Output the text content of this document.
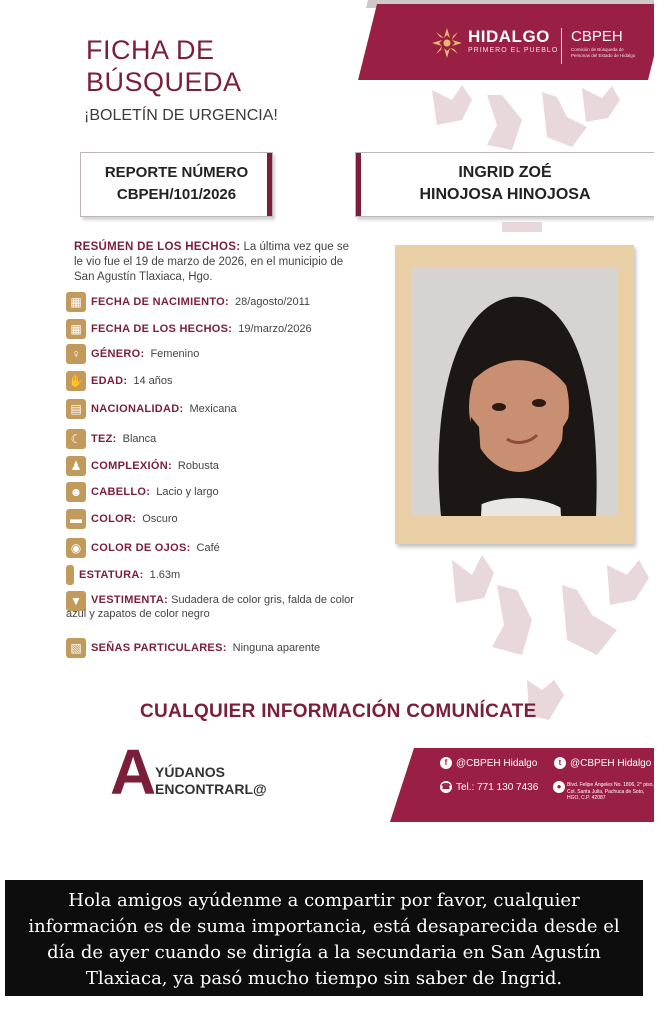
FICHA DE
BÚSQUEDA
¡BOLETÍN DE URGENCIA!
HIDALGO
PRIMERO EL PUEBLO
CBPEH
Comisión de Búsqueda de Personas del Estado de Hidalgo
REPORTE NÚMERO
CBPEH/101/2026
INGRID ZOÉ
HINOJOSA HINOJOSA
RESÚMEN DE LOS HECHOS: La última vez que se le vio fue el 19 de marzo de 2026, en el municipio de San Agustín Tlaxiaca, Hgo.
▦ FECHA DE NACIMIENTO: 28/agosto/2011
▦ FECHA DE LOS HECHOS: 19/marzo/2026
♀ GÉNERO: Femenino
✋ EDAD: 14 años
▤ NACIONALIDAD: Mexicana
☾ TEZ: Blanca
♟ COMPLEXIÓN: Robusta
☻ CABELLO: Lacio y largo
▬ COLOR: Oscuro
◉ COLOR DE OJOS: Café
ESTATURA: 1.63m
▼ VESTIMENTA: Sudadera de color gris, falda de color azul y zapatos de color negro
▧ SEÑAS PARTICULARES: Ninguna aparente
CUALQUIER INFORMACIÓN COMUNÍCATE
A
YÚDANOS
ENCONTRARL@
f @CBPEH Hidalgo	t @CBPEH Hidalgo
☎ Tel.: 771 130 7436	●	Blvd. Felipe Ángeles No. 1806, 2° piso, Col. Santa Julia, Pachuca de Soto, HGO, C.P. 42087
Hola amigos ayúdenme a compartir por favor, cualquier información es de suma importancia, está desaparecida desde el día de ayer cuando se dirigía a la secundaria en San Agustín Tlaxiaca, ya pasó mucho tiempo sin saber de Ingrid.
